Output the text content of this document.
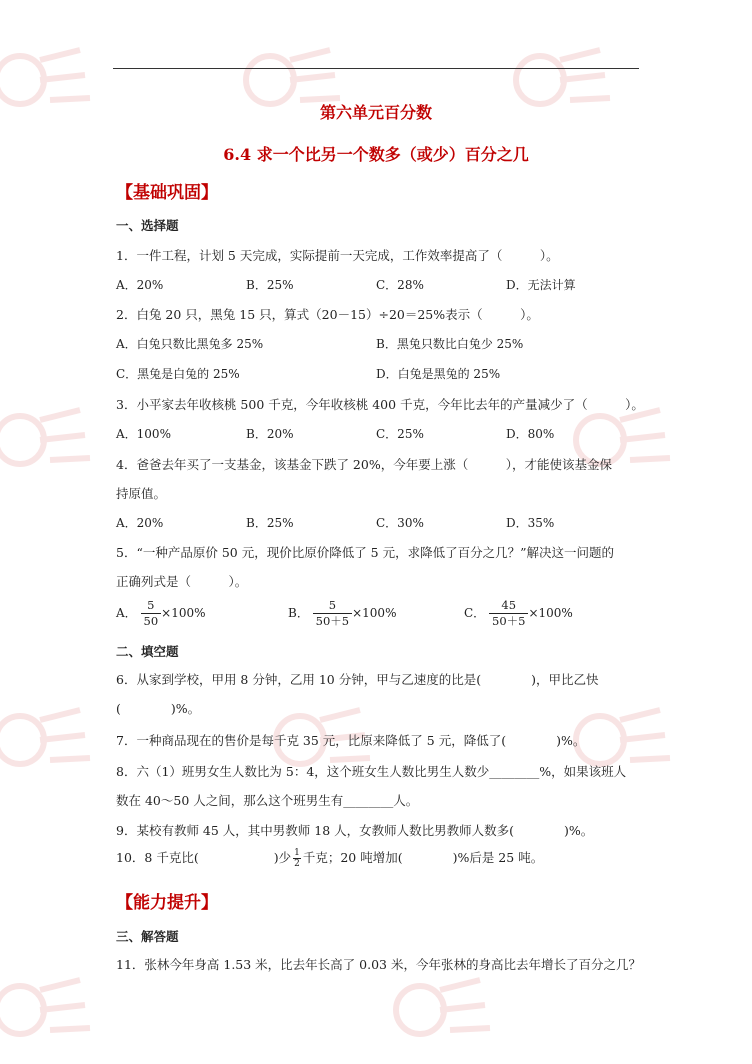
第六单元百分数
6.4 求一个比另一个数多（或少）百分之几
【基础巩固】
一、选择题
1．一件工程，计划 5 天完成，实际提前一天完成，工作效率提高了（　　　）。
A．20%	B．25%	C．28%	D．无法计算
2．白兔 20 只，黑兔 15 只，算式（20－15）÷20＝25%表示（　　　）。
A．白兔只数比黑兔多 25%	B．黑兔只数比白兔少 25%
C．黑兔是白兔的 25%	D．白兔是黑兔的 25%
3．小平家去年收核桃 500 千克，今年收核桃 400 千克，今年比去年的产量减少了（　　　）。
A．100%	B．20%	C．25%	D．80%
4．爸爸去年买了一支基金，该基金下跌了 20%，今年要上涨（　　　），才能使该基金保
持原值。
A．20%	B．25%	C．30%	D．35%
5．“一种产品原价 50 元，现价比原价降低了 5 元，求降低了百分之几？”解决这一问题的
正确列式是（　　　）。
A． $\frac{5}{50} \times 100\%$	B． $\frac{5}{50+5} \times 100\%$	C． $\frac{45}{50+5} \times 100\%$
二、填空题
6．从家到学校，甲用 8 分钟，乙用 10 分钟，甲与乙速度的比是(　　　　)，甲比乙快
(　　　　)%。
7．一种商品现在的售价是每千克 35 元，比原来降低了 5 元，降低了(　　　　)%。
8．六（1）班男女生人数比为 5：4，这个班女生人数比男生人数少________%，如果该班人
数在 40～50 人之间，那么这个班男生有________人。
9．某校有教师 45 人，其中男教师 18 人，女教师人数比男教师人数多(　　　　)%。
10．8 千克比(　　　　　　)少 $\frac{1}{2}$ 千克；20 吨增加(　　　　)%后是 25 吨。
【能力提升】
三、解答题
11．张林今年身高 1.53 米，比去年长高了 0.03 米，今年张林的身高比去年增长了百分之几？
